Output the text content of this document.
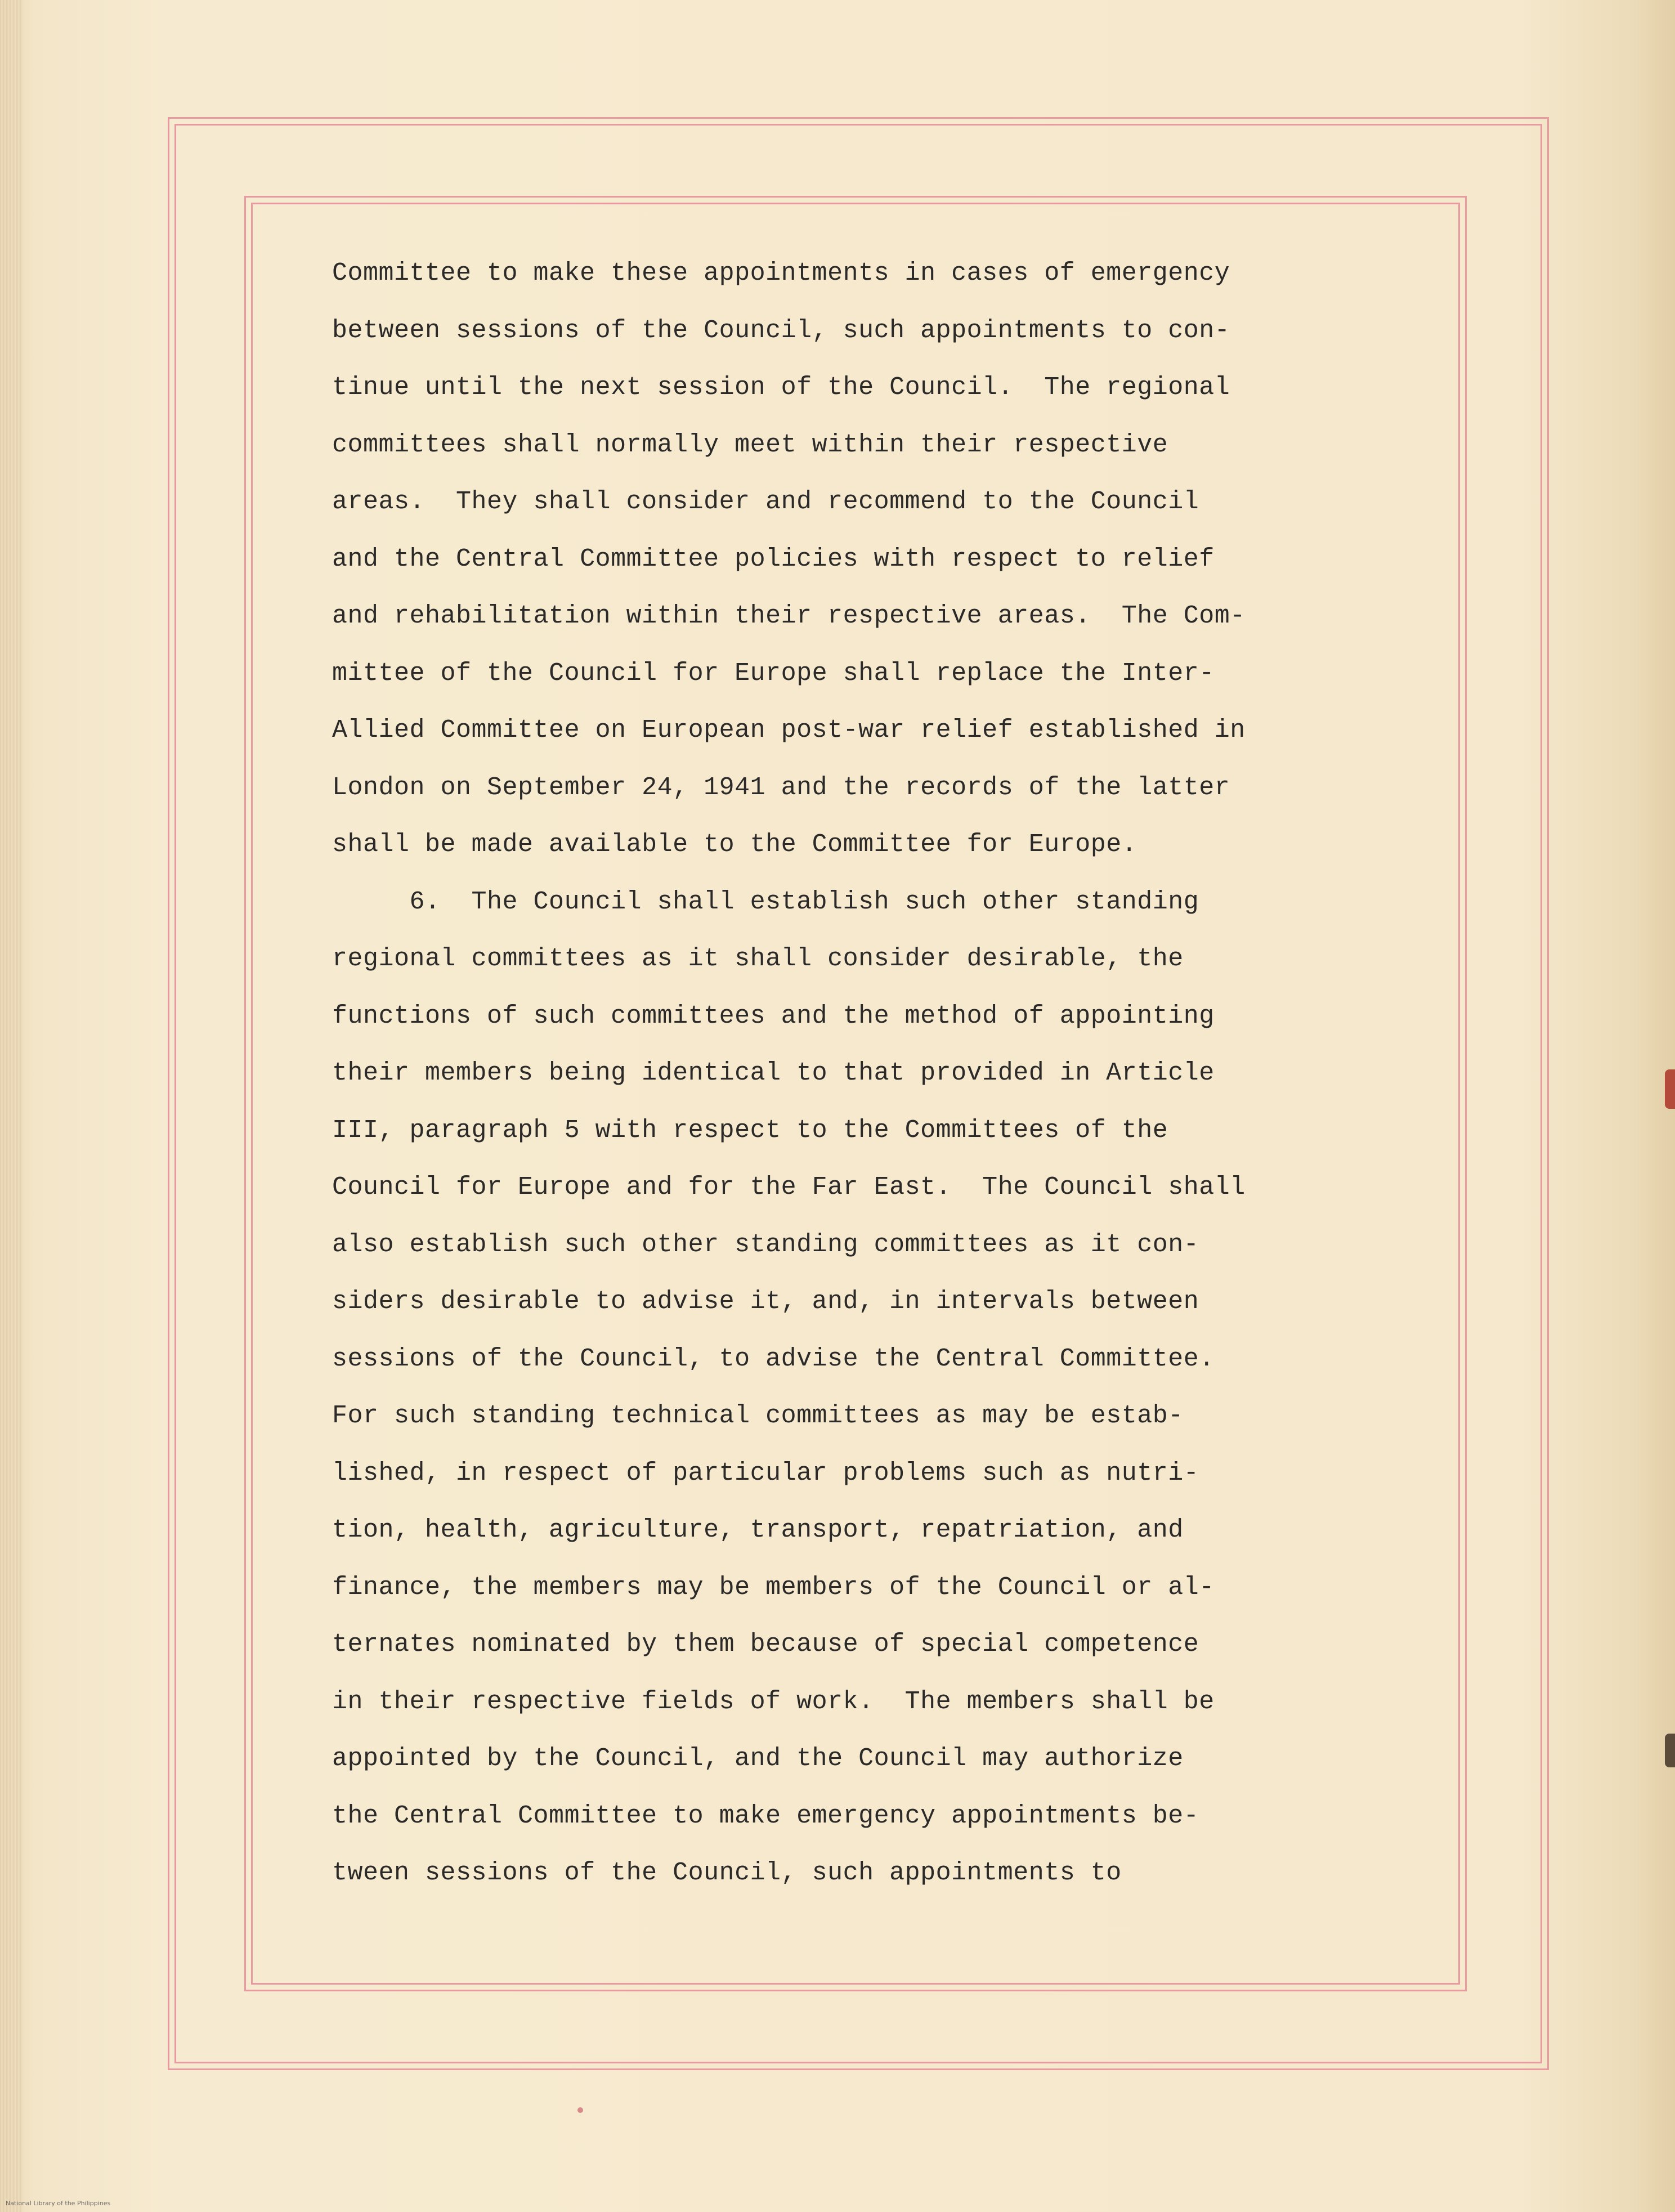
Committee to make these appointments in cases of emergency
between sessions of the Council, such appointments to con-
tinue until the next session of the Council.  The regional
committees shall normally meet within their respective
areas.  They shall consider and recommend to the Council
and the Central Committee policies with respect to relief
and rehabilitation within their respective areas.  The Com-
mittee of the Council for Europe shall replace the Inter-
Allied Committee on European post-war relief established in
London on September 24, 1941 and the records of the latter
shall be made available to the Committee for Europe.
6.  The Council shall establish such other standing
regional committees as it shall consider desirable, the
functions of such committees and the method of appointing
their members being identical to that provided in Article
III, paragraph 5 with respect to the Committees of the
Council for Europe and for the Far East.  The Council shall
also establish such other standing committees as it con-
siders desirable to advise it, and, in intervals between
sessions of the Council, to advise the Central Committee.
For such standing technical committees as may be estab-
lished, in respect of particular problems such as nutri-
tion, health, agriculture, transport, repatriation, and
finance, the members may be members of the Council or al-
ternates nominated by them because of special competence
in their respective fields of work.  The members shall be
appointed by the Council, and the Council may authorize
the Central Committee to make emergency appointments be-
tween sessions of the Council, such appointments to
National Library of the Philippines
